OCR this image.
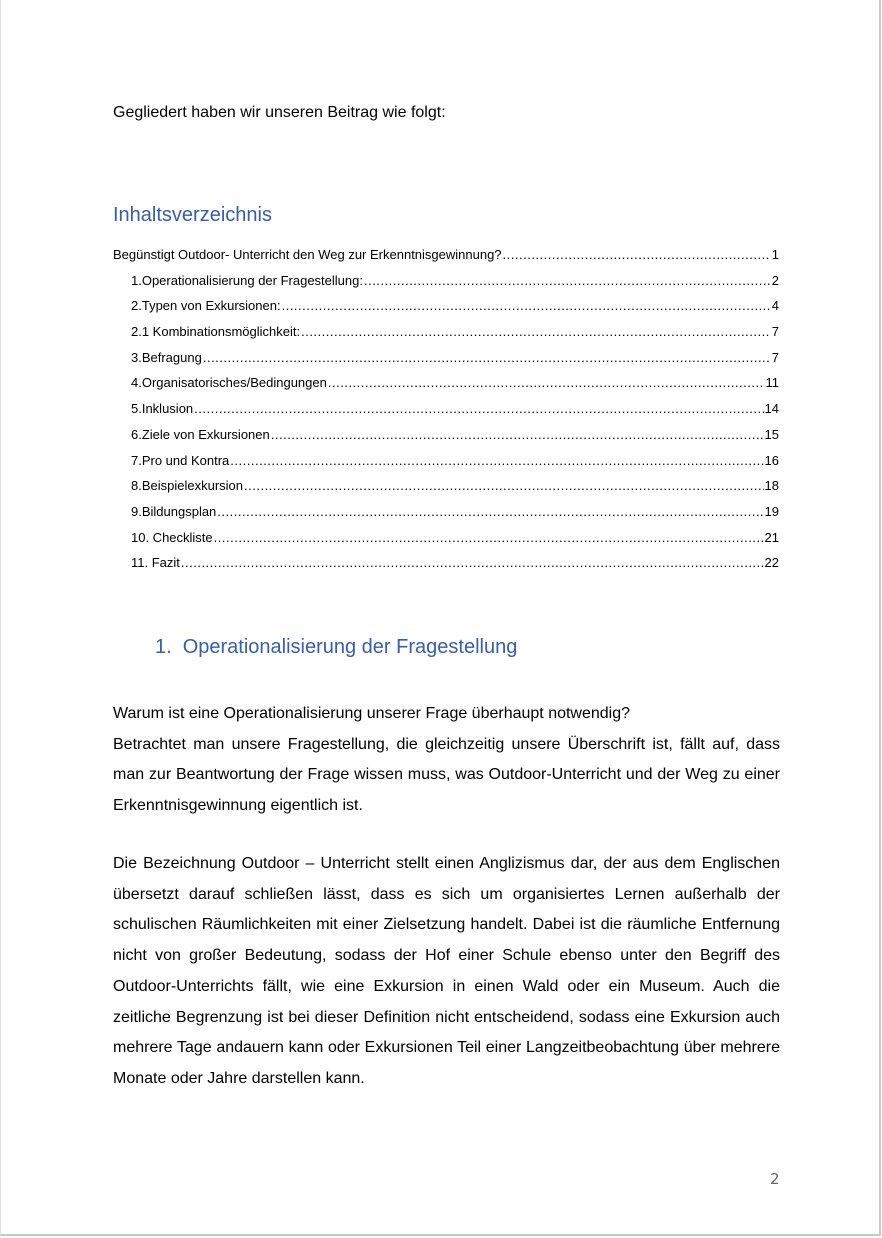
Gegliedert haben wir unseren Beitrag wie folgt:
Inhaltsverzeichnis
Begünstigt Outdoor- Unterricht den Weg zur Erkenntnisgewinnung? .....	1
1.Operationalisierung der Fragestellung: .....	2
2.Typen von Exkursionen: .....	4
2.1 Kombinationsmöglichkeit: .....	7
3.Befragung .....	7
4.Organisatorisches/Bedingungen .....	11
5.Inklusion .....	14
6.Ziele von Exkursionen .....	15
7.Pro und Kontra .....	16
8.Beispielexkursion .....	18
9.Bildungsplan .....	19
10. Checkliste .....	21
11. Fazit .....	22
1. Operationalisierung der Fragestellung
Warum ist eine Operationalisierung unserer Frage überhaupt notwendig?
Betrachtet man unsere Fragestellung, die gleichzeitig unsere Überschrift ist, fällt auf, dass man zur Beantwortung der Frage wissen muss, was Outdoor-Unterricht und der Weg zu einer Erkenntnisgewinnung eigentlich ist.
Die Bezeichnung Outdoor – Unterricht stellt einen Anglizismus dar, der aus dem Englischen übersetzt darauf schließen lässt, dass es sich um organisiertes Lernen außerhalb der schulischen Räumlichkeiten mit einer Zielsetzung handelt. Dabei ist die räumliche Entfernung nicht von großer Bedeutung, sodass der Hof einer Schule ebenso unter den Begriff des Outdoor-Unterrichts fällt, wie eine Exkursion in einen Wald oder ein Museum. Auch die zeitliche Begrenzung ist bei dieser Definition nicht entscheidend, sodass eine Exkursion auch mehrere Tage andauern kann oder Exkursionen Teil einer Langzeitbeobachtung über mehrere Monate oder Jahre darstellen kann.
2
